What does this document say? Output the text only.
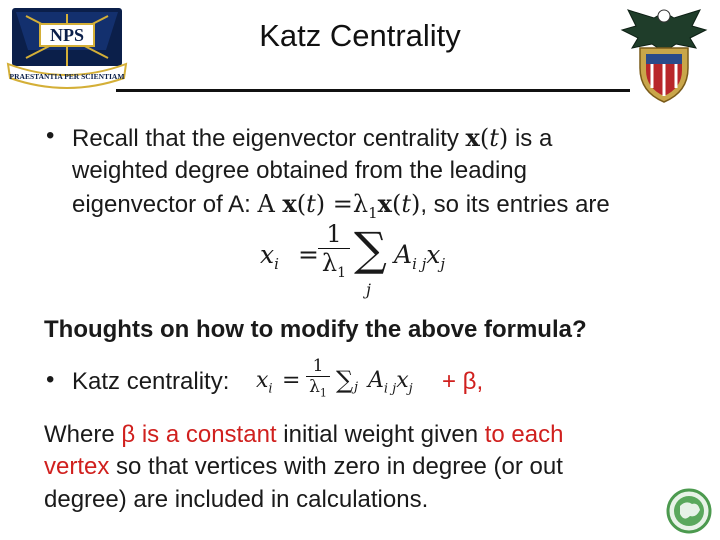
NPS
PRAESTANTIA PER SCIENTIAM
Katz Centrality
• Recall that the eigenvector centrality x(t) is a
weighted degree obtained from the leading
eigenvector of A: A $x(t) =\lambda_1x(t)$, so its entries are
$x_i = \frac{1}{\lambda_1}$ ∑
j
$A_{i j}x_j$
Thoughts on how to modify the above formula?
• Katz centrality: $x_i = \frac{1}{\lambda_1}$ ∑ j $A_{i j}x_j + \beta$,
Where β is a constant initial weight given to each
vertex so that vertices with zero in degree (or out
degree) are included in calculations.
